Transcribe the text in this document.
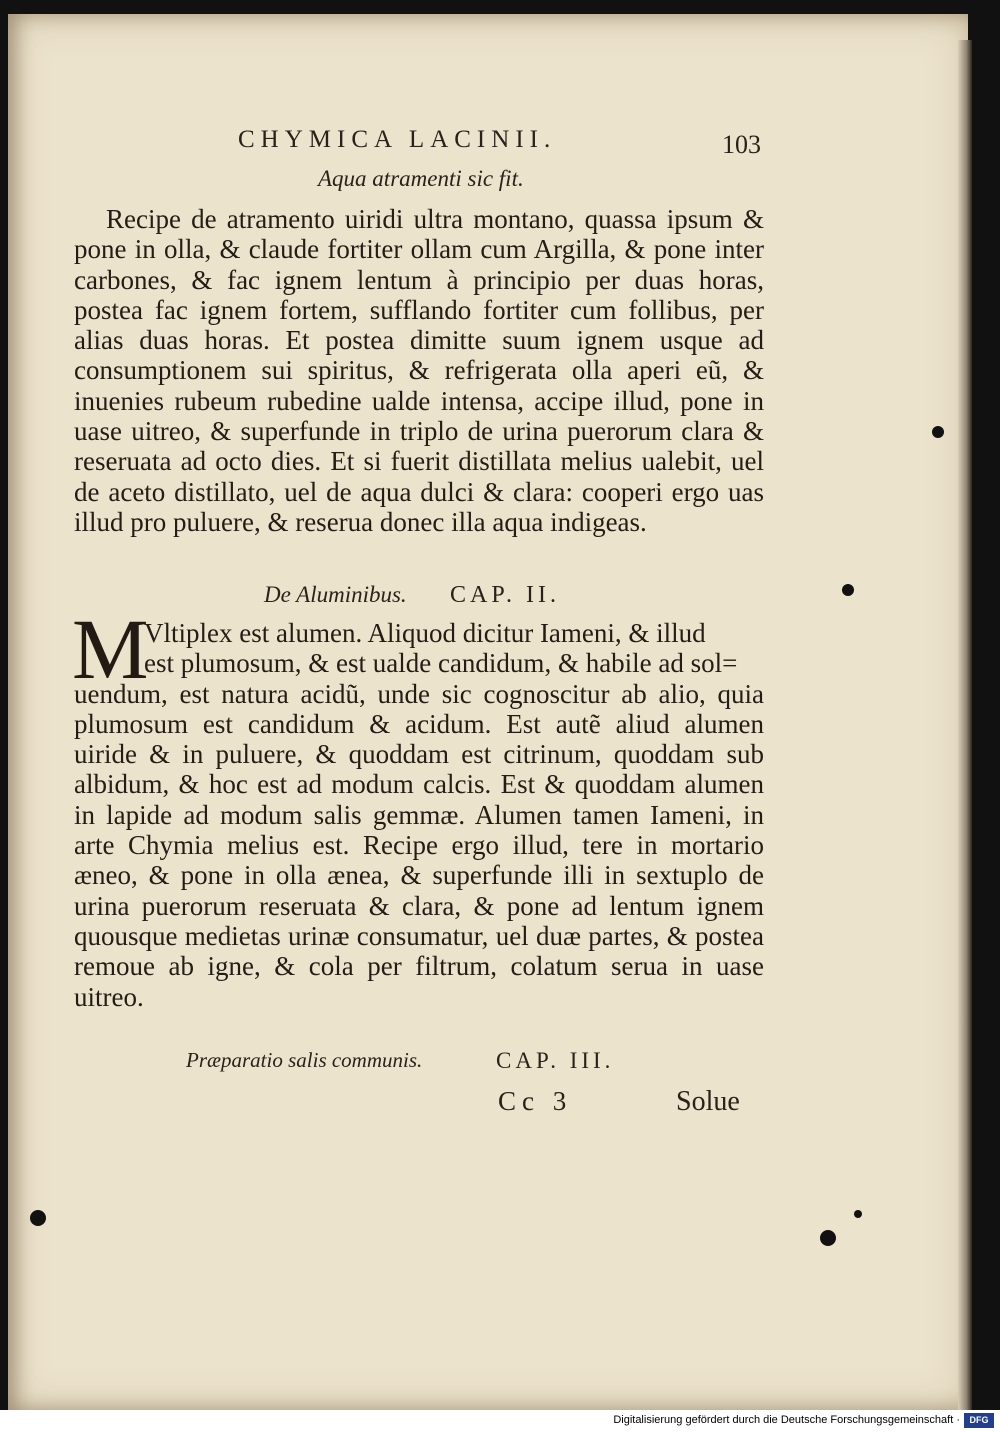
CHYMICA LACINII.	103
Aqua atramenti sic fit.

Recipe de atramento uiridi ultra montano, quassa ipsum & pone in olla, & claude fortiter ollam cum Argilla, & pone inter carbones, & fac ignem lentum à principio per duas horas, postea fac ignem fortem, sufflando fortiter cum follibus, per alias duas horas. Et postea dimitte suum ignem usque ad consumptionem sui spiritus, & refrigerata olla aperi eũ, & inuenies rubeum rubedine ualde intensa, accipe illud, pone in uase uitreo, & superfunde in triplo de urina puerorum clara & reseruata ad octo dies. Et si fuerit distillata melius ualebit, uel de aceto distillato, uel de aqua dulci & clara: cooperi ergo uas illud pro puluere, & reserua donec illa aqua indigeas.

De Aluminibus. CAP. II.
M
Vltiplex est alumen. Aliquod dicitur Iameni, & illud
est plumosum, & est ualde candidum, & habile ad sol=
uendum, est natura acidũ, unde sic cognoscitur ab alio, quia plumosum est candidum & acidum. Est autẽ aliud alumen uiride & in puluere, & quoddam est citrinum, quoddam sub albidum, & hoc est ad modum calcis. Est & quoddam alumen in lapide ad modum salis gemmæ. Alumen tamen Iameni, in arte Chymia melius est. Recipe ergo illud, tere in mortario æneo, & pone in olla ænea, & superfunde illi in sextuplo de urina puerorum reseruata & clara, & pone ad lentum ignem quousque medietas urinæ consumatur, uel duæ partes, & postea remoue ab igne, & cola per filtrum, colatum serua in uase uitreo.
Præparatio salis communis.	CAP. III.
Cc 3	Solue
Digitalisierung gefördert durch die Deutsche Forschungsgemeinschaft ·	DFG
